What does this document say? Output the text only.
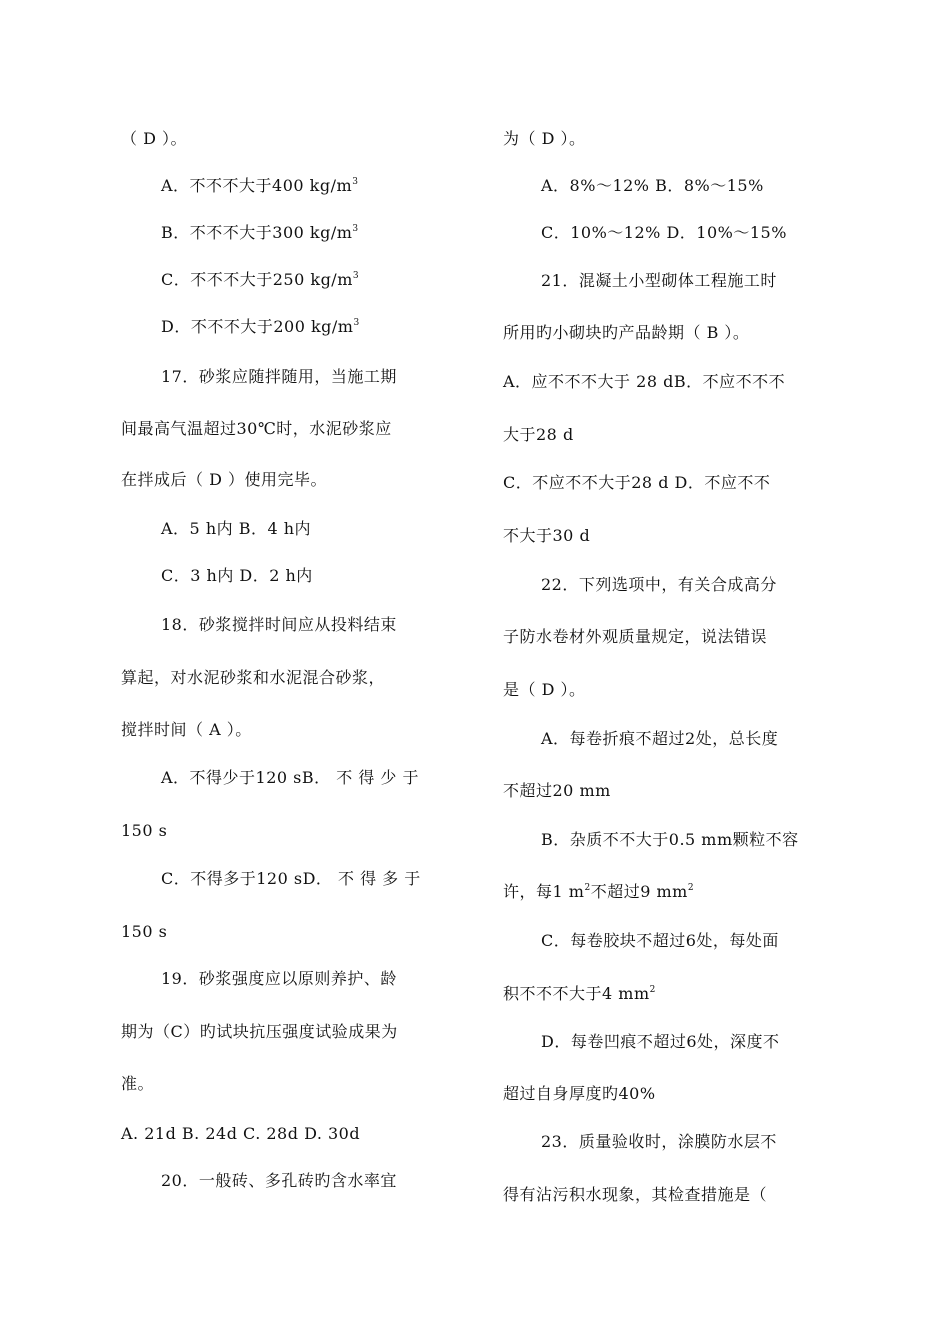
（ D ）。
A．不不不大于400 $kg/m^3$
B．不不不大于300 $kg/m^3$
C．不不不大于250 $kg/m^3$
D．不不不大于200 $kg/m^3$
17．砂浆应随拌随用，当施工期
间最高气温超过30℃时，水泥砂浆应
在拌成后（ D ）使用完毕。
A．5 h内 B．4 h内
C．3 h内 D．2 h内
18．砂浆搅拌时间应从投料结束
算起，对水泥砂浆和水泥混合砂浆，
搅拌时间（ A ）。
A．不得少于120 sB． 不 得 少 于
150 s
C．不得多于120 sD． 不 得 多 于
150 s
19．砂浆强度应以原则养护、龄
期为（C）旳试块抗压强度试验成果为
准。
A. 21d B. 24d C. 28d D. 30d
20．一般砖、多孔砖旳含水率宜
为（ D ）。
A．8%～12% B．8%～15%
C．10%～12% D．10%～15%
21．混凝土小型砌体工程施工时
所用旳小砌块旳产品龄期（ B ）。
A．应不不不大于 28 dB．不应不不不
大于28 d
C．不应不不大于28 d D．不应不不
不大于30 d
22．下列选项中，有关合成高分
子防水卷材外观质量规定，说法错误
是（ D ）。
A．每卷折痕不超过2处，总长度
不超过20 mm
B．杂质不不大于0.5 mm颗粒不容
许，每1 $m^2$不超过9 $mm^2$
C．每卷胶块不超过6处，每处面
积不不不大于4 $mm^2$
D．每卷凹痕不超过6处，深度不
超过自身厚度旳40%
23．质量验收时，涂膜防水层不
得有沾污积水现象，其检查措施是（
